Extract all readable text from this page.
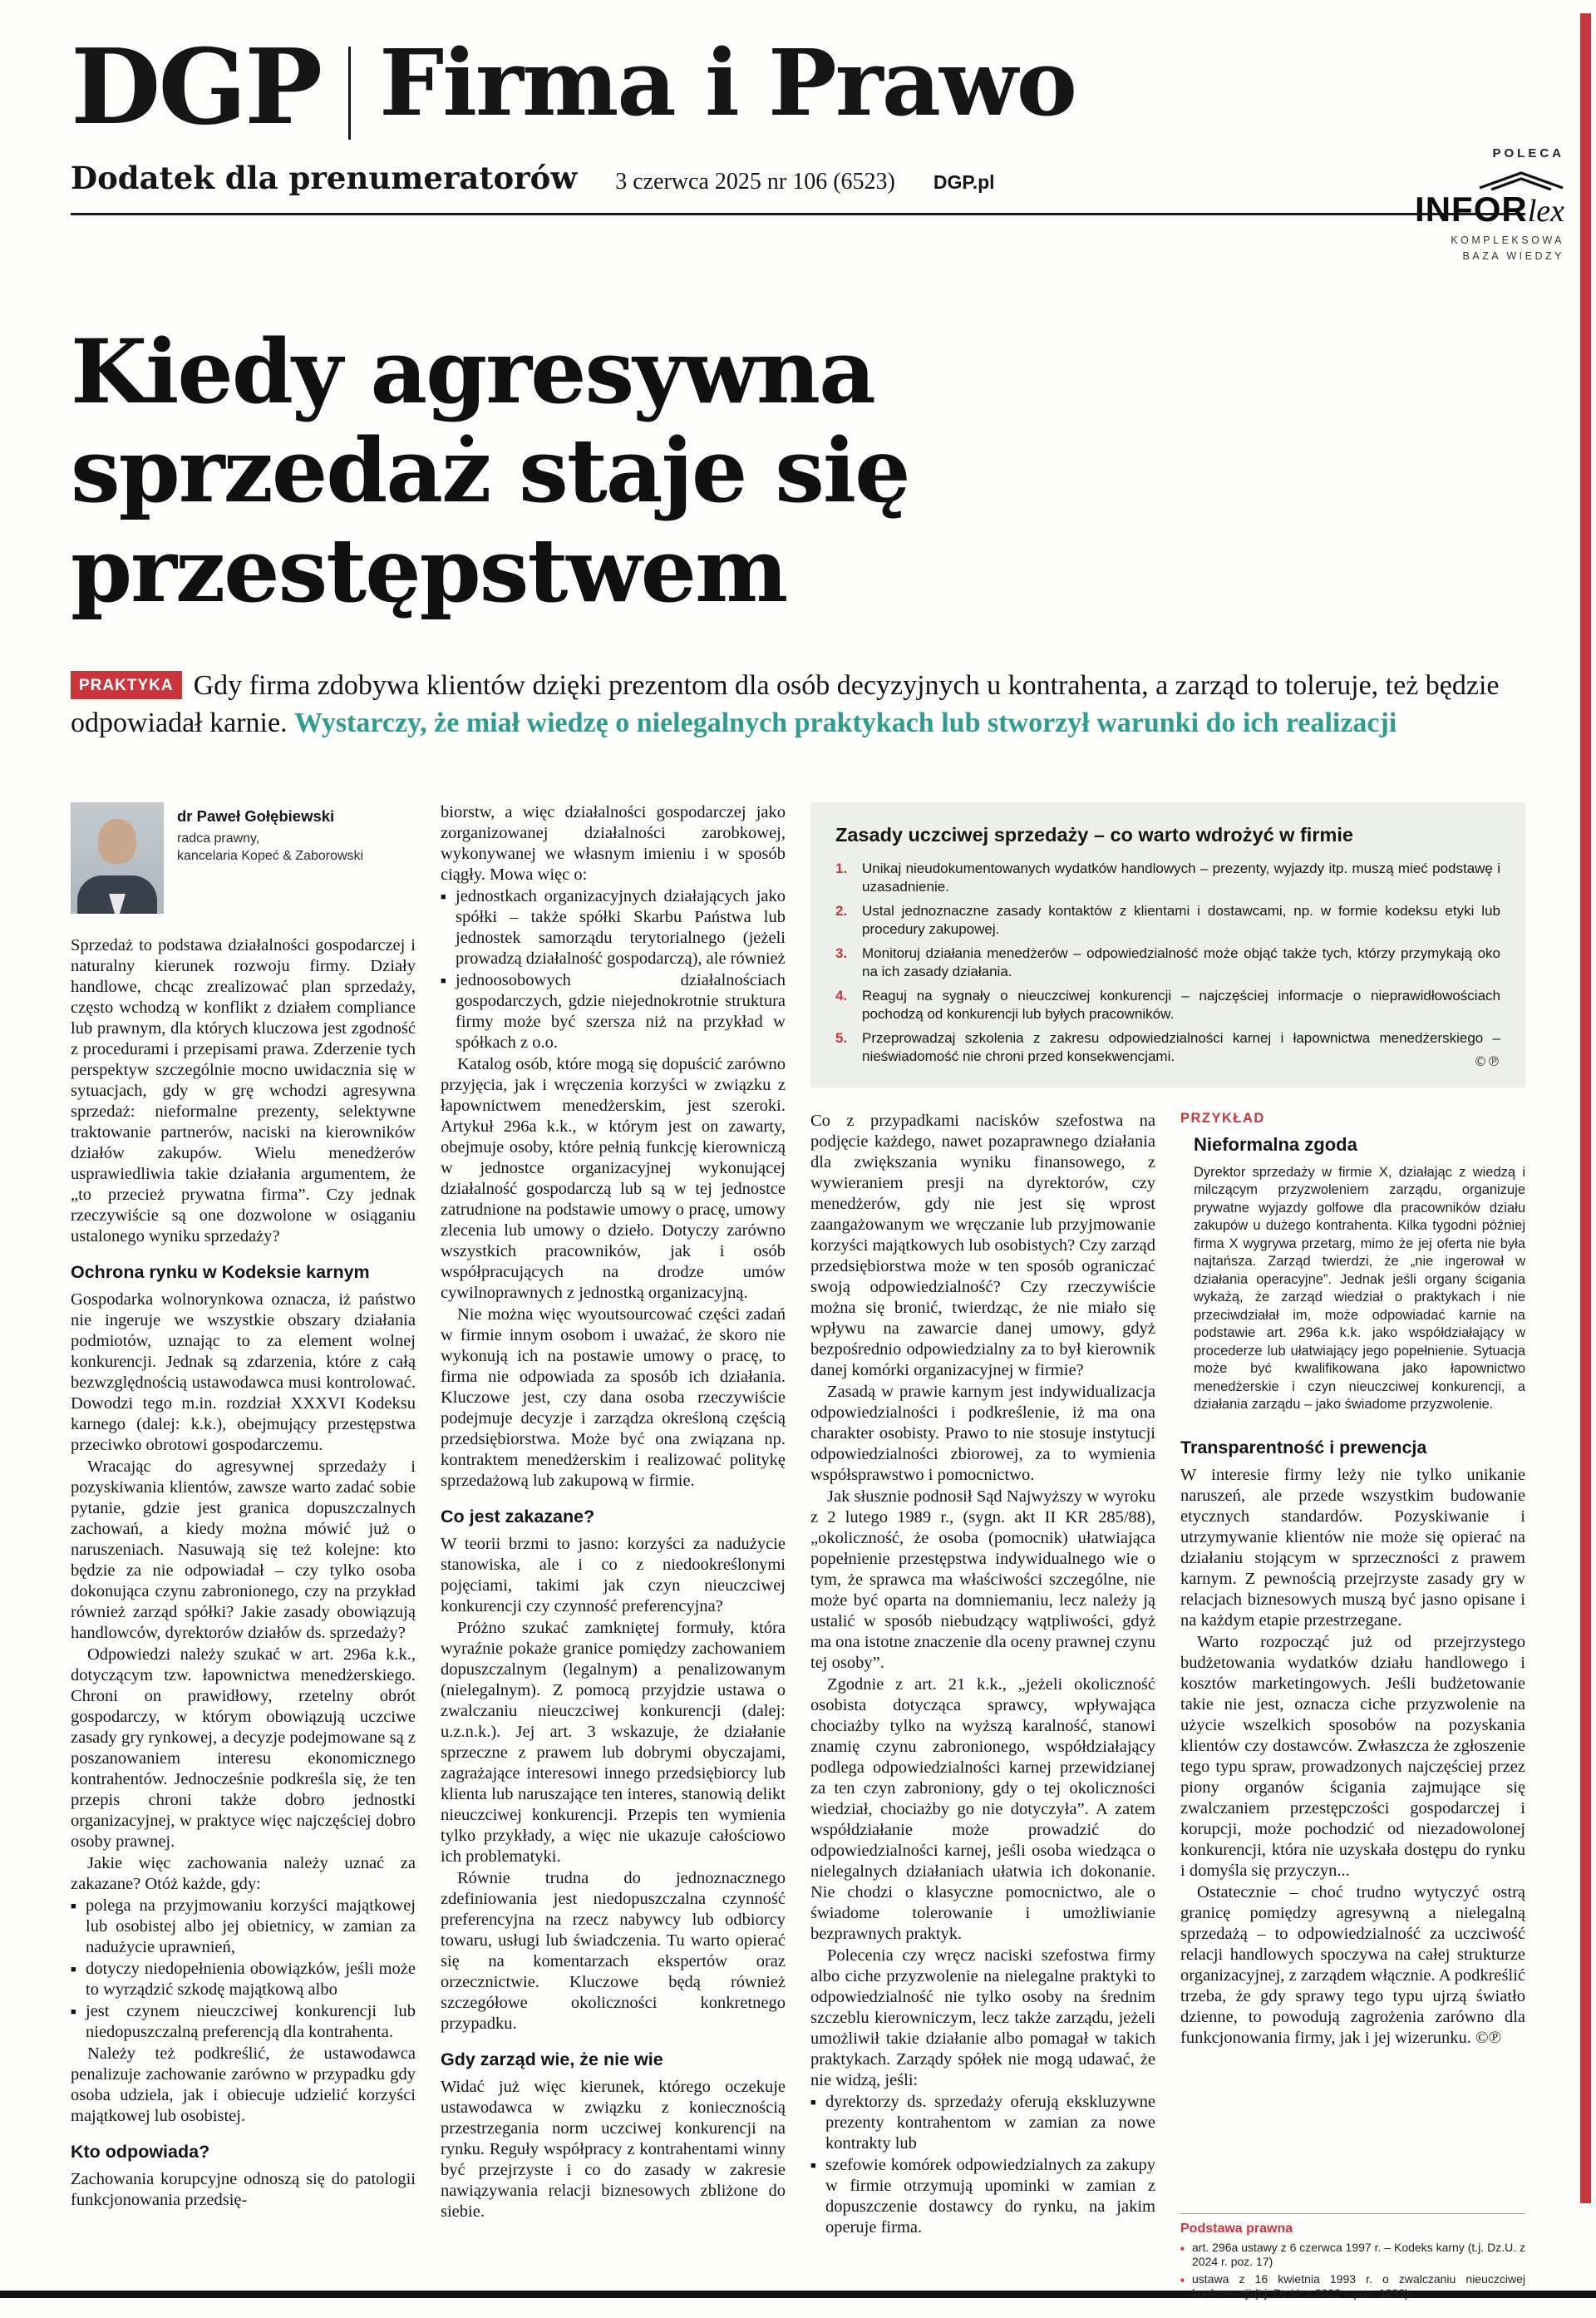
DGP Firma i Prawo
Dodatek dla prenumeratorów 3 czerwca 2025 nr 106 (6523) DGP.pl
POLECA
INFORlex
KOMPLEKSOWA
BAZA WIEDZY
Kiedy agresywna sprzedaż staje się przestępstwem
PRAKTYKA Gdy firma zdobywa klientów dzięki prezentom dla osób decyzyjnych u kontrahenta, a zarząd to toleruje, też będzie odpowiadał karnie. Wystarczy, że miał wiedzę o nielegalnych praktykach lub stworzył warunki do ich realizacji
dr Paweł Gołębiewski
radca prawny,
kancelaria Kopeć & Zaborowski

Sprzedaż to podstawa działalności gospodarczej i naturalny kierunek rozwoju firmy. Działy handlowe, chcąc zrealizować plan sprzedaży, często wchodzą w konflikt z działem compliance lub prawnym, dla których kluczowa jest zgodność z procedurami i przepisami prawa. Zderzenie tych perspektyw szczególnie mocno uwidacznia się w sytuacjach, gdy w grę wchodzi agresywna sprzedaż: nieformalne prezenty, selektywne traktowanie partnerów, naciski na kierowników działów zakupów. Wielu menedżerów usprawiedliwia takie działania argumentem, że „to przecież prywatna firma”. Czy jednak rzeczywiście są one dozwolone w osiąganiu ustalonego wyniku sprzedaży?

Ochrona rynku w Kodeksie karnym

Gospodarka wolnorynkowa oznacza, iż państwo nie ingeruje we wszystkie obszary działania podmiotów, uznając to za element wolnej konkurencji. Jednak są zdarzenia, które z całą bezwzględnością ustawodawca musi kontrolować. Dowodzi tego m.in. rozdział XXXVI Kodeksu karnego (dalej: k.k.), obejmujący przestępstwa przeciwko obrotowi gospodarczemu.

Wracając do agresywnej sprzedaży i pozyskiwania klientów, zawsze warto zadać sobie pytanie, gdzie jest granica dopuszczalnych zachowań, a kiedy można mówić już o naruszeniach. Nasuwają się też kolejne: kto będzie za nie odpowiadał – czy tylko osoba dokonująca czynu zabronionego, czy na przykład również zarząd spółki? Jakie zasady obowiązują handlowców, dyrektorów działów ds. sprzedaży?

Odpowiedzi należy szukać w art. 296a k.k., dotyczącym tzw. łapownictwa menedżerskiego. Chroni on prawidłowy, rzetelny obrót gospodarczy, w którym obowiązują uczciwe zasady gry rynkowej, a decyzje podejmowane są z poszanowaniem interesu ekonomicznego kontrahentów. Jednocześnie podkreśla się, że ten przepis chroni także dobro jednostki organizacyjnej, w praktyce więc najczęściej dobro osoby prawnej.

Jakie więc zachowania należy uznać za zakazane? Otóż każde, gdy:

■ polega na przyjmowaniu korzyści majątkowej lub osobistej albo jej obietnicy, w zamian za nadużycie uprawnień,
■ dotyczy niedopełnienia obowiązków, jeśli może to wyrządzić szkodę majątkową albo
■ jest czynem nieuczciwej konkurencji lub niedopuszczalną preferencją dla kontrahenta.

Należy też podkreślić, że ustawodawca penalizuje zachowanie zarówno w przypadku gdy osoba udziela, jak i obiecuje udzielić korzyści majątkowej lub osobistej.

Kto odpowiada?

Zachowania korupcyjne odnoszą się do patologii funkcjonowania przedsię-

biorstw, a więc działalności gospodarczej jako zorganizowanej działalności zarobkowej, wykonywanej we własnym imieniu i w sposób ciągły. Mowa więc o:

■ jednostkach organizacyjnych działających jako spółki – także spółki Skarbu Państwa lub jednostek samorządu terytorialnego (jeżeli prowadzą działalność gospodarczą), ale również
■ jednoosobowych działalnościach gospodarczych, gdzie niejednokrotnie struktura firmy może być szersza niż na przykład w spółkach z o.o.

Katalog osób, które mogą się dopuścić zarówno przyjęcia, jak i wręczenia korzyści w związku z łapownictwem menedżerskim, jest szeroki. Artykuł 296a k.k., w którym jest on zawarty, obejmuje osoby, które pełnią funkcję kierowniczą w jednostce organizacyjnej wykonującej działalność gospodarczą lub są w tej jednostce zatrudnione na podstawie umowy o pracę, umowy zlecenia lub umowy o dzieło. Dotyczy zarówno wszystkich pracowników, jak i osób współpracujących na drodze umów cywilnoprawnych z jednostką organizacyjną.

Nie można więc wyoutsourcować części zadań w firmie innym osobom i uważać, że skoro nie wykonują ich na postawie umowy o pracę, to firma nie odpowiada za sposób ich działania. Kluczowe jest, czy dana osoba rzeczywiście podejmuje decyzje i zarządza określoną częścią przedsiębiorstwa. Może być ona związana np. kontraktem menedżerskim i realizować politykę sprzedażową lub zakupową w firmie.

Co jest zakazane?

W teorii brzmi to jasno: korzyści za nadużycie stanowiska, ale i co z niedookreślonymi pojęciami, takimi jak czyn nieuczciwej konkurencji czy czynność preferencyjna?

Próżno szukać zamkniętej formuły, która wyraźnie pokaże granice pomiędzy zachowaniem dopuszczalnym (legalnym) a penalizowanym (nielegalnym). Z pomocą przyjdzie ustawa o zwalczaniu nieuczciwej konkurencji (dalej: u.z.n.k.). Jej art. 3 wskazuje, że działanie sprzeczne z prawem lub dobrymi obyczajami, zagrażające interesowi innego przedsiębiorcy lub klienta lub naruszające ten interes, stanowią delikt nieuczciwej konkurencji. Przepis ten wymienia tylko przykłady, a więc nie ukazuje całościowo ich problematyki.

Równie trudna do jednoznacznego zdefiniowania jest niedopuszczalna czynność preferencyjna na rzecz nabywcy lub odbiorcy towaru, usługi lub świadczenia. Tu warto opierać się na komentarzach ekspertów oraz orzecznictwie. Kluczowe będą również szczegółowe okoliczności konkretnego przypadku.

Gdy zarząd wie, że nie wie

Widać już więc kierunek, którego oczekuje ustawodawca w związku z koniecznością przestrzegania norm uczciwej konkurencji na rynku. Reguły współpracy z kontrahentami winny być przejrzyste i co do zasady w zakresie nawiązywania relacji biznesowych zbliżone do siebie.

Zasady uczciwej sprzedaży – co warto wdrożyć w firmie
1.	Unikaj nieudokumentowanych wydatków handlowych – prezenty, wyjazdy itp. muszą mieć podstawę i uzasadnienie.
2.	Ustal jednoznaczne zasady kontaktów z klientami i dostawcami, np. w formie kodeksu etyki lub procedury zakupowej.
3.	Monitoruj działania menedżerów – odpowiedzialność może objąć także tych, którzy przymykają oko na ich zasady działania.
4.	Reaguj na sygnały o nieuczciwej konkurencji – najczęściej informacje o nieprawidłowościach pochodzą od konkurencji lub byłych pracowników.
5.	Przeprowadzaj szkolenia z zakresu odpowiedzialności karnej i łapownictwa menedżerskiego – nieświadomość nie chroni przed konsekwencjami.	©℗

Co z przypadkami nacisków szefostwa na podjęcie każdego, nawet pozaprawnego działania dla zwiększania wyniku finansowego, z wywieraniem presji na dyrektorów, czy menedżerów, gdy nie jest się wprost zaangażowanym we wręczanie lub przyjmowanie korzyści majątkowych lub osobistych? Czy zarząd przedsiębiorstwa może w ten sposób ograniczać swoją odpowiedzialność? Czy rzeczywiście można się bronić, twierdząc, że nie miało się wpływu na zawarcie danej umowy, gdyż bezpośrednio odpowiedzialny za to był kierownik danej komórki organizacyjnej w firmie?

Zasadą w prawie karnym jest indywidualizacja odpowiedzialności i podkreślenie, iż ma ona charakter osobisty. Prawo to nie stosuje instytucji odpowiedzialności zbiorowej, za to wymienia współsprawstwo i pomocnictwo.

Jak słusznie podnosił Sąd Najwyższy w wyroku z 2 lutego 1989 r., (sygn. akt II KR 285/88), „okoliczność, że osoba (pomocnik) ułatwiająca popełnienie przestępstwa indywidualnego wie o tym, że sprawca ma właściwości szczególne, nie może być oparta na domniemaniu, lecz należy ją ustalić w sposób niebudzący wątpliwości, gdyż ma ona istotne znaczenie dla oceny prawnej czynu tej osoby”.

Zgodnie z art. 21 k.k., „jeżeli okoliczność osobista dotycząca sprawcy, wpływająca chociażby tylko na wyższą karalność, stanowi znamię czynu zabronionego, współdziałający podlega odpowiedzialności karnej przewidzianej za ten czyn zabroniony, gdy o tej okoliczności wiedział, chociażby go nie dotyczyła”. A zatem współdziałanie może prowadzić do odpowiedzialności karnej, jeśli osoba wiedząca o nielegalnych działaniach ułatwia ich dokonanie. Nie chodzi o klasyczne pomocnictwo, ale o świadome tolerowanie i umożliwianie bezprawnych praktyk.

Polecenia czy wręcz naciski szefostwa firmy albo ciche przyzwolenie na nielegalne praktyki to odpowiedzialność nie tylko osoby na średnim szczeblu kierowniczym, lecz także zarządu, jeżeli umożliwił takie działanie albo pomagał w takich praktykach. Zarządy spółek nie mogą udawać, że nie widzą, jeśli:

■ dyrektorzy ds. sprzedaży oferują ekskluzywne prezenty kontrahentom w zamian za nowe kontrakty lub
■ szefowie komórek odpowiedzialnych za zakupy w firmie otrzymują upominki w zamian z dopuszczenie dostawcy do rynku, na jakim operuje firma.
PRZYKŁAD
Nieformalna zgoda
Dyrektor sprzedaży w firmie X, działając z wiedzą i milczącym przyzwoleniem zarządu, organizuje prywatne wyjazdy golfowe dla pracowników działu zakupów u dużego kontrahenta. Kilka tygodni później firma X wygrywa przetarg, mimo że jej oferta nie była najtańsza. Zarząd twierdzi, że „nie ingerował w działania operacyjne”. Jednak jeśli organy ścigania wykażą, że zarząd wiedział o praktykach i nie przeciwdziałał im, może odpowiadać karnie na podstawie art. 296a k.k. jako współdziałający w procederze lub ułatwiający jego popełnienie. Sytuacja może być kwalifikowana jako łapownictwo menedżerskie i czyn nieuczciwej konkurencji, a działania zarządu – jako świadome przyzwolenie.
Transparentność i prewencja

W interesie firmy leży nie tylko unikanie naruszeń, ale przede wszystkim budowanie etycznych standardów. Pozyskiwanie i utrzymywanie klientów nie może się opierać na działaniu stojącym w sprzeczności z prawem karnym. Z pewnością przejrzyste zasady gry w relacjach biznesowych muszą być jasno opisane i na każdym etapie przestrzegane.

Warto rozpocząć już od przejrzystego budżetowania wydatków działu handlowego i kosztów marketingowych. Jeśli budżetowanie takie nie jest, oznacza ciche przyzwolenie na użycie wszelkich sposobów na pozyskania klientów czy dostawców. Zwłaszcza że zgłoszenie tego typu spraw, prowadzonych najczęściej przez piony organów ścigania zajmujące się zwalczaniem przestępczości gospodarczej i korupcji, może pochodzić od niezadowolonej konkurencji, która nie uzyskała dostępu do rynku i domyśla się przyczyn...

Ostatecznie – choć trudno wytyczyć ostrą granicę pomiędzy agresywną a nielegalną sprzedażą – to odpowiedzialność za uczciwość relacji handlowych spoczywa na całej strukturze organizacyjnej, z zarządem włącznie. A podkreślić trzeba, że gdy sprawy tego typu ujrzą światło dzienne, to powodują zagrożenia zarówno dla funkcjonowania firmy, jak i jej wizerunku. ©℗

Podstawa prawna
■ art. 296a ustawy z 6 czerwca 1997 r. – Kodeks karny (t.j. Dz.U. z 2024 r. poz. 17)
■ ustawa z 16 kwietnia 1993 r. o zwalczaniu nieuczciwej konkurencji (t.j. Dz.U. z 2022 r. poz. 1233)
